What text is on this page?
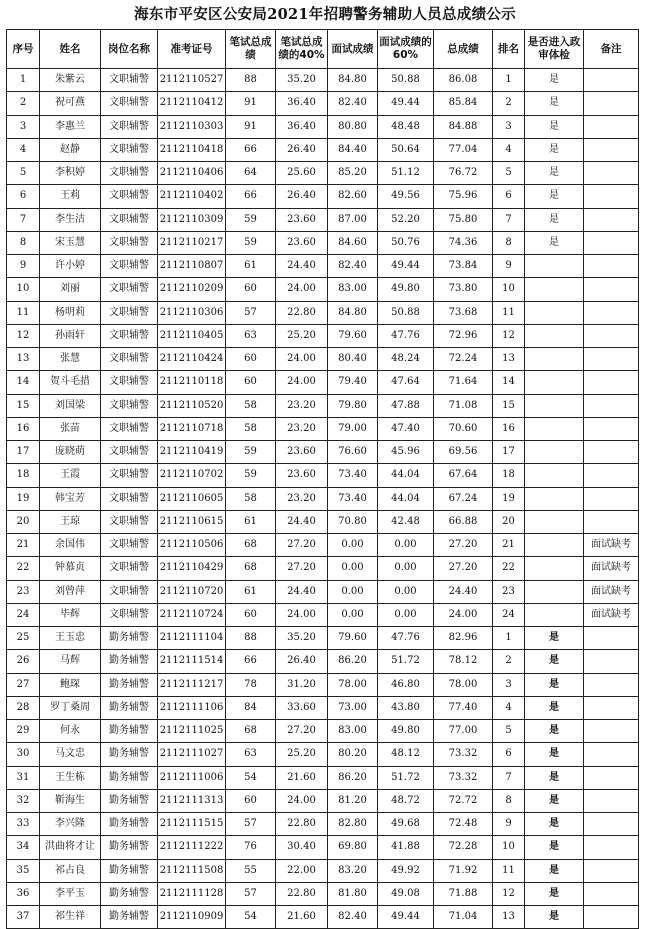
海东市平安区公安局2021年招聘警务辅助人员总成绩公示
序号	姓名	岗位名称	准考证号	笔试总成绩	笔试总成绩的40%	面试成绩	面试成绩的60%	总成绩	排名	是否进入政审体检	备注
1	朱紫云	文职辅警	2112110527	88	35.20	84.80	50.88	86.08	1	是	
2	祝可燕	文职辅警	2112110412	91	36.40	82.40	49.44	85.84	2	是	
3	李惠兰	文职辅警	2112110303	91	36.40	80.80	48.48	84.88	3	是	
4	赵静	文职辅警	2112110418	66	26.40	84.40	50.64	77.04	4	是	
5	李积婷	文职辅警	2112110406	64	25.60	85.20	51.12	76.72	5	是	
6	王莉	文职辅警	2112110402	66	26.40	82.60	49.56	75.96	6	是	
7	李生洁	文职辅警	2112110309	59	23.60	87.00	52.20	75.80	7	是	
8	宋玉慧	文职辅警	2112110217	59	23.60	84.60	50.76	74.36	8	是	
9	许小婷	文职辅警	2112110807	61	24.40	82.40	49.44	73.84	9		
10	刘丽	文职辅警	2112110209	60	24.00	83.00	49.80	73.80	10		
11	杨明莉	文职辅警	2112110306	57	22.80	84.80	50.88	73.68	11		
12	孙雨轩	文职辅警	2112110405	63	25.20	79.60	47.76	72.96	12		
13	张慧	文职辅警	2112110424	60	24.00	80.40	48.24	72.24	13		
14	贺斗毛措	文职辅警	2112110118	60	24.00	79.40	47.64	71.64	14		
15	刘国梁	文职辅警	2112110520	58	23.20	79.80	47.88	71.08	15		
16	张苗	文职辅警	2112110718	58	23.20	79.00	47.40	70.60	16		
17	庞晓萌	文职辅警	2112110419	59	23.60	76.60	45.96	69.56	17		
18	王霞	文职辅警	2112110702	59	23.60	73.40	44.04	67.64	18		
19	韩宝芳	文职辅警	2112110605	58	23.20	73.40	44.04	67.24	19		
20	王琼	文职辅警	2112110615	61	24.40	70.80	42.48	66.88	20		
21	余国伟	文职辅警	2112110506	68	27.20	0.00	0.00	27.20	21		面试缺考
22	钟慕贞	文职辅警	2112110429	68	27.20	0.00	0.00	27.20	22		面试缺考
23	刘曾萍	文职辅警	2112110720	61	24.40	0.00	0.00	24.40	23		面试缺考
24	毕辉	文职辅警	2112110724	60	24.00	0.00	0.00	24.00	24		面试缺考
25	王玉忠	勤务辅警	2112111104	88	35.20	79.60	47.76	82.96	1	是	
26	马辉	勤务辅警	2112111514	66	26.40	86.20	51.72	78.12	2	是	
27	鲍琛	勤务辅警	2112111217	78	31.20	78.00	46.80	78.00	3	是	
28	罗丁桑周	勤务辅警	2112111106	84	33.60	73.00	43.80	77.40	4	是	
29	何永	勤务辅警	2112111025	68	27.20	83.00	49.80	77.00	5	是	
30	马文忠	勤务辅警	2112111027	63	25.20	80.20	48.12	73.32	6	是	
31	王生栋	勤务辅警	2112111006	54	21.60	86.20	51.72	73.32	7	是	
32	靳海生	勤务辅警	2112111313	60	24.00	81.20	48.72	72.72	8	是	
33	李兴隆	勤务辅警	2112111515	57	22.80	82.80	49.68	72.48	9	是	
34	洪曲将才让	勤务辅警	2112111222	76	30.40	69.80	41.88	72.28	10	是	
35	祁占良	勤务辅警	2112111508	55	22.00	83.20	49.92	71.92	11	是	
36	李平玉	勤务辅警	2112111128	57	22.80	81.80	49.08	71.88	12	是	
37	祁生祥	勤务辅警	2112110909	54	21.60	82.40	49.44	71.04	13	是	
